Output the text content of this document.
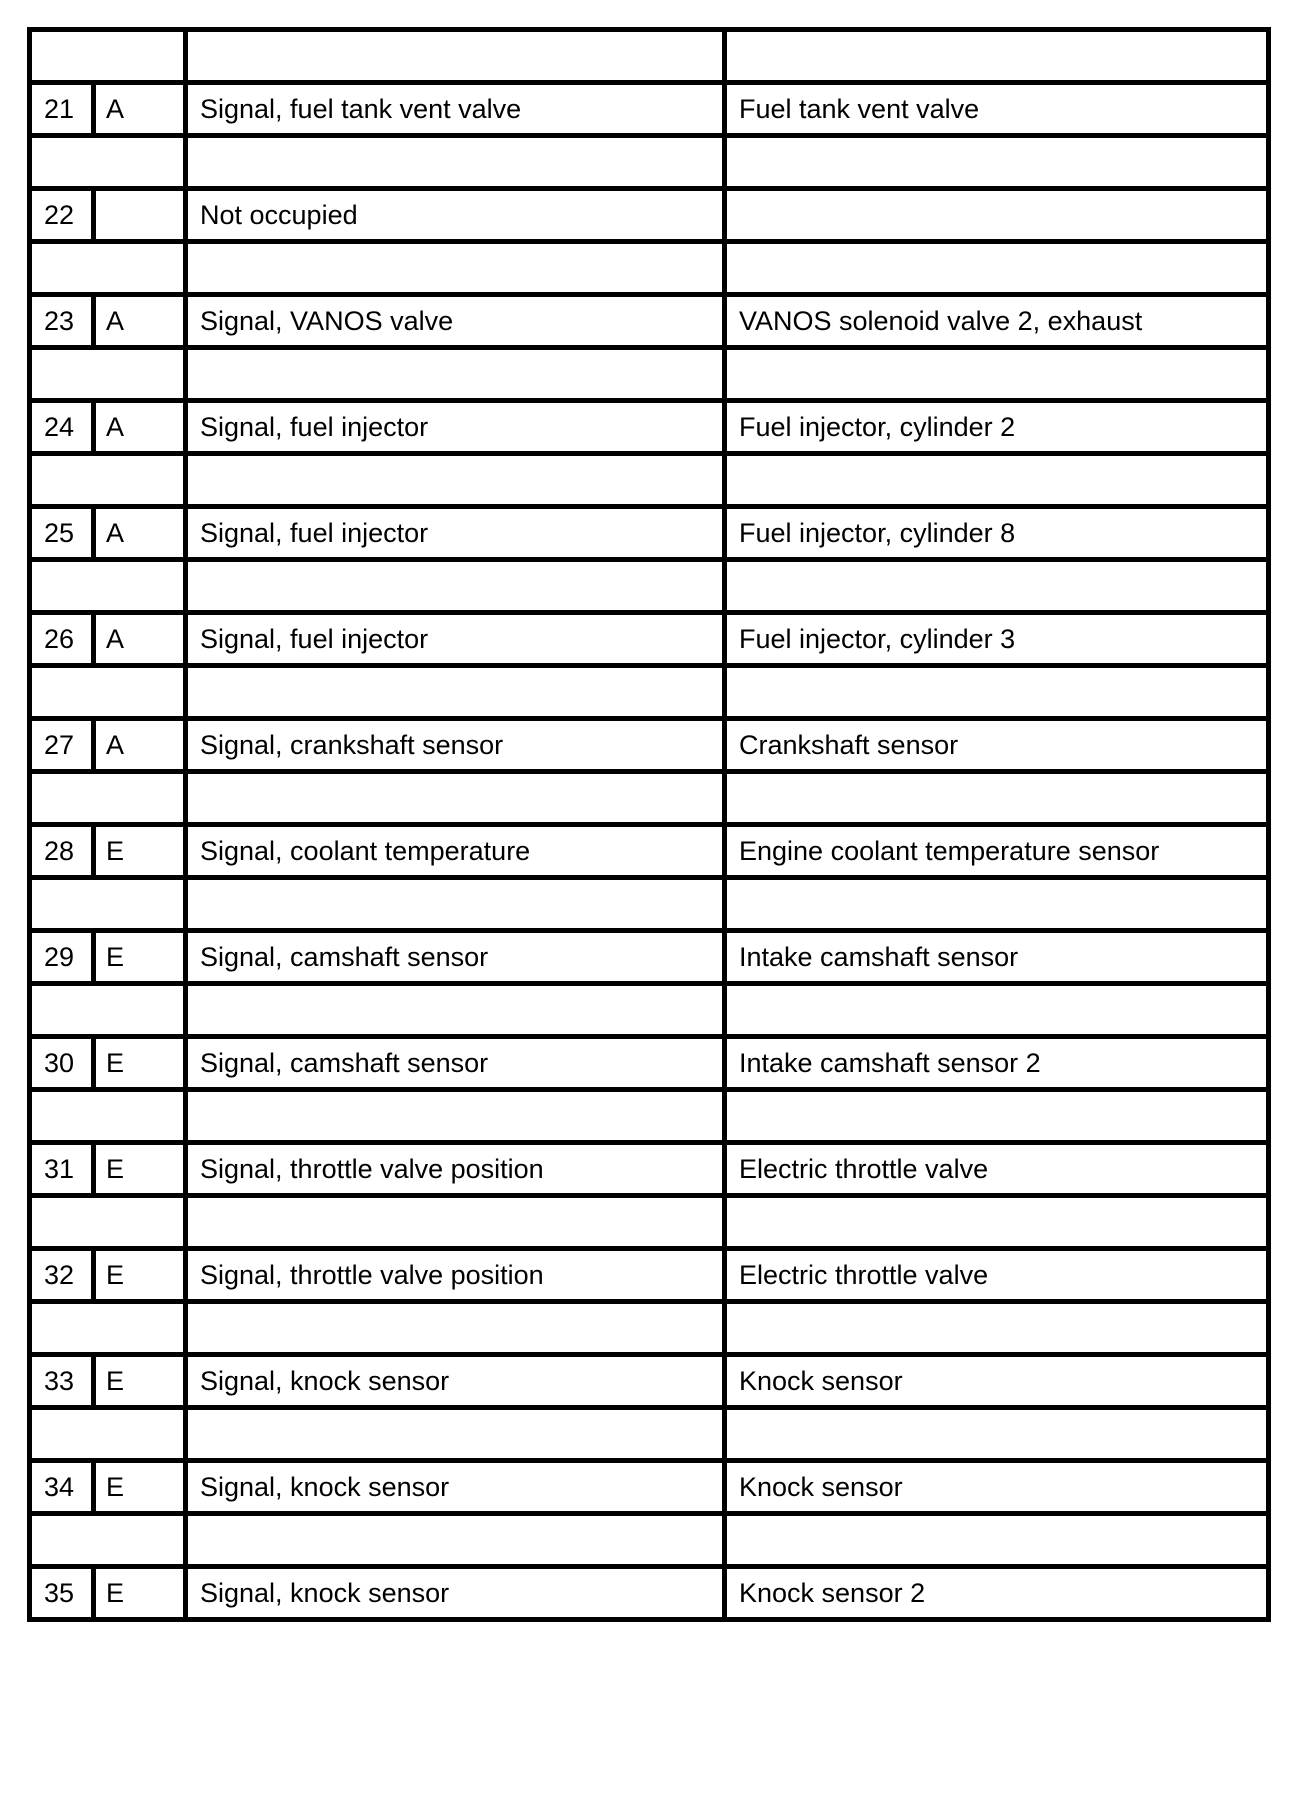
21	A	Signal, fuel tank vent valve	Fuel tank vent valve

22		Not occupied	

23	A	Signal, VANOS valve	VANOS solenoid valve 2, exhaust

24	A	Signal, fuel injector	Fuel injector, cylinder 2

25	A	Signal, fuel injector	Fuel injector, cylinder 8

26	A	Signal, fuel injector	Fuel injector, cylinder 3

27	A	Signal, crankshaft sensor	Crankshaft sensor

28	E	Signal, coolant temperature	Engine coolant temperature sensor

29	E	Signal, camshaft sensor	Intake camshaft sensor

30	E	Signal, camshaft sensor	Intake camshaft sensor 2

31	E	Signal, throttle valve position	Electric throttle valve

32	E	Signal, throttle valve position	Electric throttle valve

33	E	Signal, knock sensor	Knock sensor

34	E	Signal, knock sensor	Knock sensor

35	E	Signal, knock sensor	Knock sensor 2
